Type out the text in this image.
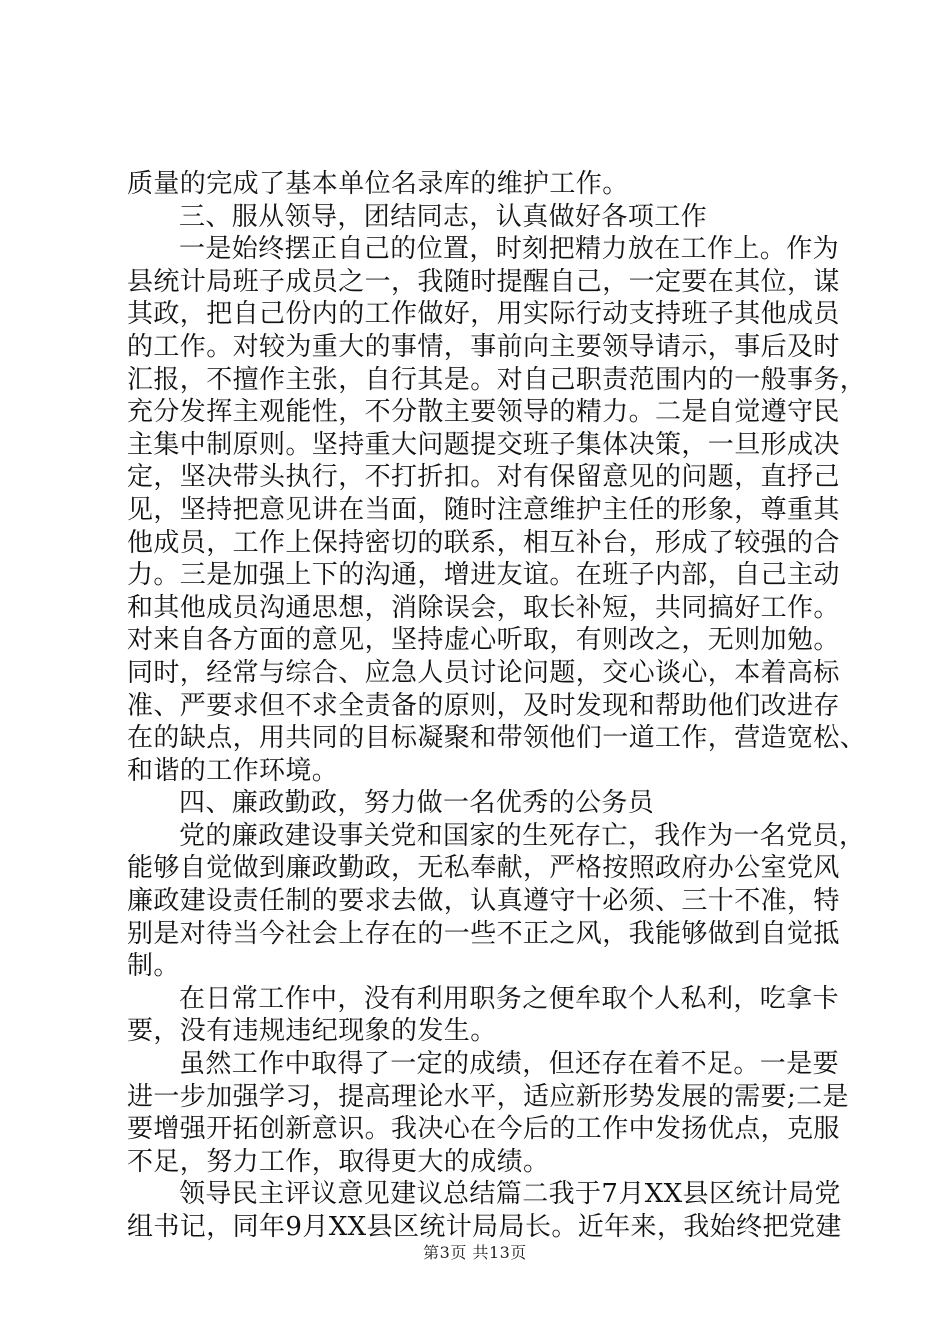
质量的完成了基本单位名录库的维护工作。
三、服从领导，团结同志，认真做好各项工作
一是始终摆正自己的位置，时刻把精力放在工作上。作为
县统计局班子成员之一，我随时提醒自己，一定要在其位，谋
其政，把自己份内的工作做好，用实际行动支持班子其他成员
的工作。对较为重大的事情，事前向主要领导请示，事后及时
汇报，不擅作主张，自行其是。对自己职责范围内的一般事务，
充分发挥主观能性，不分散主要领导的精力。二是自觉遵守民
主集中制原则。坚持重大问题提交班子集体决策，一旦形成决
定，坚决带头执行，不打折扣。对有保留意见的问题，直抒己
见，坚持把意见讲在当面，随时注意维护主任的形象，尊重其
他成员，工作上保持密切的联系，相互补台，形成了较强的合
力。三是加强上下的沟通，增进友谊。在班子内部，自己主动
和其他成员沟通思想，消除误会，取长补短，共同搞好工作。
对来自各方面的意见，坚持虚心听取，有则改之，无则加勉。
同时，经常与综合、应急人员讨论问题，交心谈心，本着高标
准、严要求但不求全责备的原则，及时发现和帮助他们改进存
在的缺点，用共同的目标凝聚和带领他们一道工作，营造宽松、
和谐的工作环境。
四、廉政勤政，努力做一名优秀的公务员
党的廉政建设事关党和国家的生死存亡，我作为一名党员，
能够自觉做到廉政勤政，无私奉献，严格按照政府办公室党风
廉政建设责任制的要求去做，认真遵守十必须、三十不准，特
别是对待当今社会上存在的一些不正之风，我能够做到自觉抵
制。
在日常工作中，没有利用职务之便牟取个人私利，吃拿卡
要，没有违规违纪现象的发生。
虽然工作中取得了一定的成绩，但还存在着不足。一是要
进一步加强学习，提高理论水平，适应新形势发展的需要;二是
要增强开拓创新意识。我决心在今后的工作中发扬优点，克服
不足，努力工作，取得更大的成绩。
领导民主评议意见建议总结篇二我于7月XX县区统计局党
组书记，同年9月XX县区统计局局长。近年来，我始终把党建
第3页 共13页
